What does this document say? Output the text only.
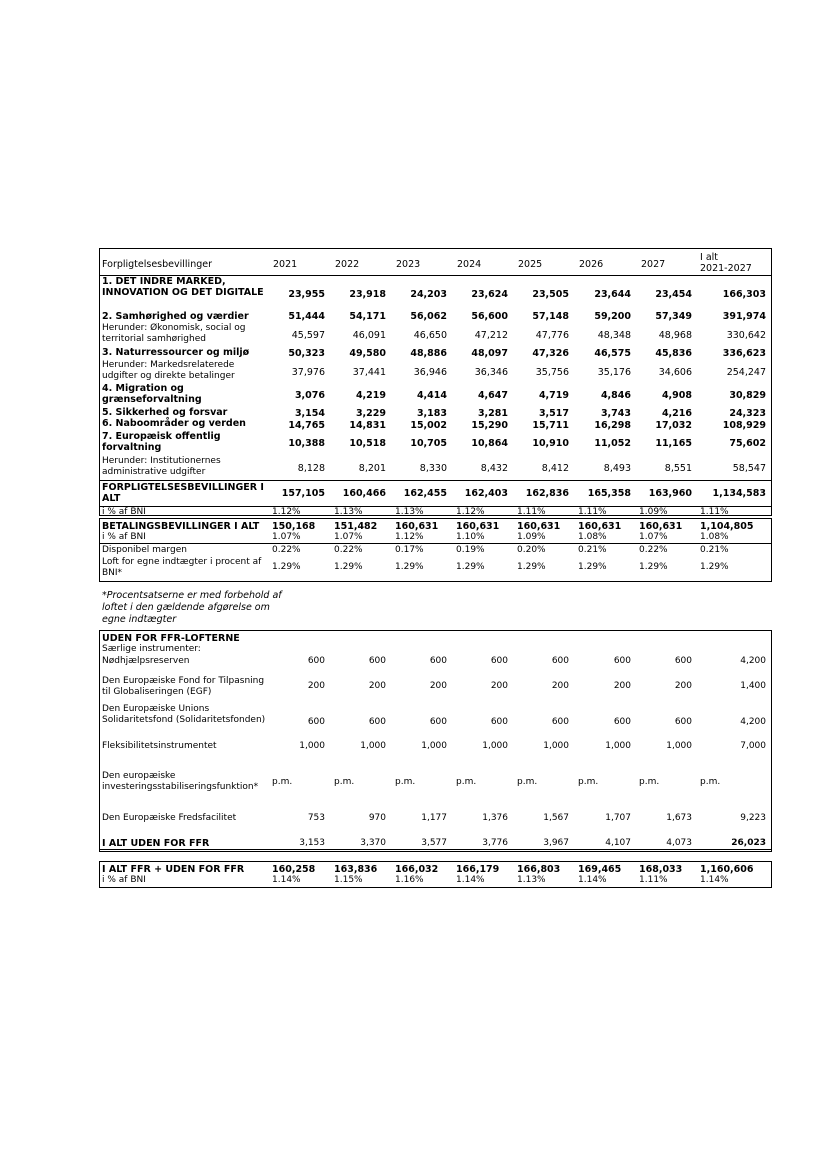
Forpligtelsesbevillinger	2021	2022	2023	2024	2025	2026	2027
I alt
2021-2027
1. DET INDRE MARKED, INNOVATION OG DET DIGITALE	23,955	23,918	24,203	23,624	23,505	23,644	23,454	166,303
2. Samhørighed og værdier	51,444	54,171	56,062	56,600	57,148	59,200	57,349	391,974
Herunder: Økonomisk, social og territorial samhørighed	45,597	46,091	46,650	47,212	47,776	48,348	48,968	330,642
3. Naturressourcer og miljø	50,323	49,580	48,886	48,097	47,326	46,575	45,836	336,623
Herunder: Markedsrelaterede udgifter og direkte betalinger	37,976	37,441	36,946	36,346	35,756	35,176	34,606	254,247
4. Migration og grænseforvaltning	3,076	4,219	4,414	4,647	4,719	4,846	4,908	30,829
5. Sikkerhed og forsvar	3,154	3,229	3,183	3,281	3,517	3,743	4,216	24,323
6. Naboområder og verden	14,765	14,831	15,002	15,290	15,711	16,298	17,032	108,929
7. Europæisk offentlig forvaltning	10,388	10,518	10,705	10,864	10,910	11,052	11,165	75,602
Herunder: Institutionernes administrative udgifter	8,128	8,201	8,330	8,432	8,412	8,493	8,551	58,547
FORPLIGTELSESBEVILLINGER I ALT	157,105 160,466 162,455 162,403 162,836 165,358 163,960 1,134,583
i % af BNI	1.12%	1.13%	1.13%	1.12%	1.11%	1.11%	1.09%	1.11%
BETALINGSBEVILLINGER I ALT 150,168 151,482 160,631 160,631 160,631 160,631 160,631 1,104,805
i % af BNI	1.07%	1.07%	1.12%	1.10%	1.09%	1.08%	1.07%	1.08%
Disponibel margen	0.22%	0.22%	0.17%	0.19%	0.20%	0.21%	0.22%	0.21%
Loft for egne indtægter i procent af BNI*
1.29%	1.29%	1.29%	1.29%	1.29%	1.29%	1.29%	1.29%
*Procentsatserne er med forbehold af loftet i den gældende afgørelse om egne indtægter
UDEN FOR FFR-LOFTERNE
Særlige instrumenter:
Nødhjælpsreserven	600	600	600	600	600	600	600	4,200
Den Europæiske Fond for Tilpasning til Globaliseringen (EGF)
200	200	200	200	200	200	200	1,400
Den Europæiske Unions Solidaritetsfond (Solidaritetsfonden)	600	600	600	600	600	600	600	4,200
Fleksibilitetsinstrumentet	1,000	1,000	1,000	1,000	1,000	1,000	1,000	7,000
Den europæiske investeringsstabiliseringsfunktion*	p.m.	p.m.	p.m.	p.m.	p.m.	p.m.	p.m.	p.m.
Den Europæiske Fredsfacilitet	753	970	1,177	1,376	1,567	1,707	1,673	9,223
I ALT UDEN FOR FFR	3,153	3,370	3,577	3,776	3,967	4,107	4,073	26,023
I ALT FFR + UDEN FOR FFR	160,258 163,836 166,032 166,179 166,803 169,465 168,033 1,160,606
i % af BNI	1.14%	1.15%	1.16%	1.14%	1.13%	1.14%	1.11%	1.14%
